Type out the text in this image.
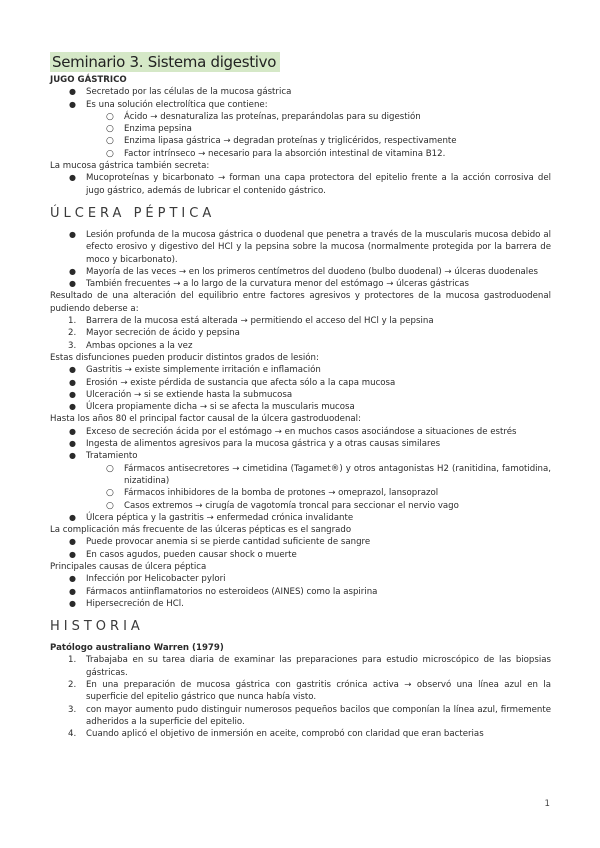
Seminario 3. Sistema digestivo
JUGO GÁSTRICO
● Secretado por las células de la mucosa gástrica
● Es una solución electrolítica que contiene:
○ Ácido → desnaturaliza las proteínas, preparándolas para su digestión
○ Enzima pepsina
○ Enzima lipasa gástrica → degradan proteínas y triglicéridos, respectivamente
○ Factor intrínseco → necesario para la absorción intestinal de vitamina B12.
La mucosa gástrica también secreta:
● Mucoproteínas y bicarbonato → forman una capa protectora del epitelio frente a la acción corrosiva del jugo gástrico, además de lubricar el contenido gástrico.
ÚLCERA PÉPTICA
● Lesión profunda de la mucosa gástrica o duodenal que penetra a través de la muscularis mucosa debido al efecto erosivo y digestivo del HCl y la pepsina sobre la mucosa (normalmente protegida por la barrera de moco y bicarbonato).
● Mayoría de las veces → en los primeros centímetros del duodeno (bulbo duodenal) → úlceras duodenales
● También frecuentes → a lo largo de la curvatura menor del estómago → úlceras gástricas
Resultado de una alteración del equilibrio entre factores agresivos y protectores de la mucosa gastroduodenal pudiendo deberse a:
1. Barrera de la mucosa está alterada → permitiendo el acceso del HCl y la pepsina
2. Mayor secreción de ácido y pepsina
3. Ambas opciones a la vez
Estas disfunciones pueden producir distintos grados de lesión:
● Gastritis → existe simplemente irritación e inflamación
● Erosión → existe pérdida de sustancia que afecta sólo a la capa mucosa
● Ulceración → si se extiende hasta la submucosa
● Úlcera propiamente dicha → si se afecta la muscularis mucosa
Hasta los años 80 el principal factor causal de la úlcera gastroduodenal:
● Exceso de secreción ácida por el estómago → en muchos casos asociándose a situaciones de estrés
● Ingesta de alimentos agresivos para la mucosa gástrica y a otras causas similares
● Tratamiento
○ Fármacos antisecretores → cimetidina (Tagamet®) y otros antagonistas H2 (ranitidina, famotidina, nizatidina)
○ Fármacos inhibidores de la bomba de protones → omeprazol, lansoprazol
○ Casos extremos → cirugía de vagotomía troncal para seccionar el nervio vago
● Úlcera péptica y la gastritis → enfermedad crónica invalidante
La complicación más frecuente de las úlceras pépticas es el sangrado
● Puede provocar anemia si se pierde cantidad suficiente de sangre
● En casos agudos, pueden causar shock o muerte
Principales causas de úlcera péptica
● Infección por Helicobacter pylori
● Fármacos antiinflamatorios no esteroideos (AINES) como la aspirina
● Hipersecreción de HCl.
HISTORIA
Patólogo australiano Warren (1979)
1. Trabajaba en su tarea diaria de examinar las preparaciones para estudio microscópico de las biopsias gástricas.
2. En una preparación de mucosa gástrica con gastritis crónica activa → observó una línea azul en la superficie del epitelio gástrico que nunca había visto.
3. con mayor aumento pudo distinguir numerosos pequeños bacilos que componían la línea azul, firmemente adheridos a la superficie del epitelio.
4. Cuando aplicó el objetivo de inmersión en aceite, comprobó con claridad que eran bacterias
1
